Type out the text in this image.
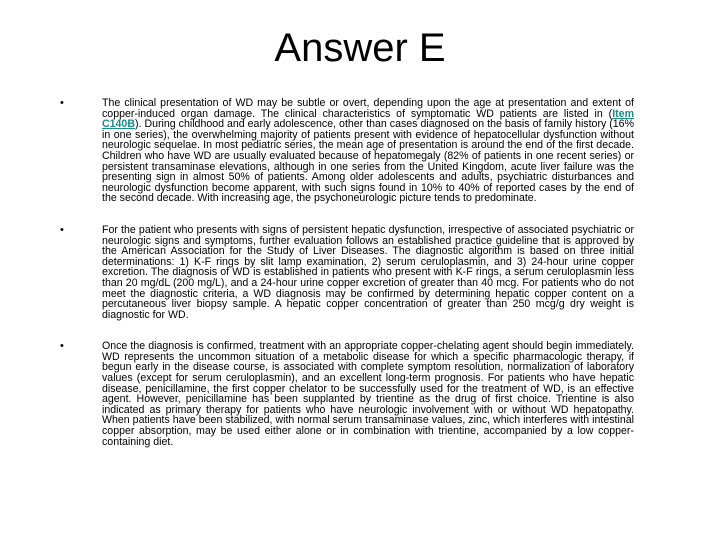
Answer E
•	The clinical presentation of WD may be subtle or overt, depending upon the age at presentation and extent of copper-induced organ damage. The clinical characteristics of symptomatic WD patients are listed in (Item C140B). During childhood and early adolescence, other than cases diagnosed on the basis of family history (16% in one series), the overwhelming majority of patients present with evidence of hepatocellular dysfunction without neurologic sequelae. In most pediatric series, the mean age of presentation is around the end of the first decade. Children who have WD are usually evaluated because of hepatomegaly (82% of patients in one recent series) or persistent transaminase elevations, although in one series from the United Kingdom, acute liver failure was the presenting sign in almost 50% of patients. Among older adolescents and adults, psychiatric disturbances and neurologic dysfunction become apparent, with such signs found in 10% to 40% of reported cases by the end of the second decade. With increasing age, the psychoneurologic picture tends to predominate.
•	For the patient who presents with signs of persistent hepatic dysfunction, irrespective of associated psychiatric or neurologic signs and symptoms, further evaluation follows an established practice guideline that is approved by the American Association for the Study of Liver Diseases. The diagnostic algorithm is based on three initial determinations: 1) K-F rings by slit lamp examination, 2) serum ceruloplasmin, and 3) 24-hour urine copper excretion. The diagnosis of WD is established in patients who present with K-F rings, a serum ceruloplasmin less than 20 mg/dL (200 mg/L), and a 24-hour urine copper excretion of greater than 40 mcg. For patients who do not meet the diagnostic criteria, a WD diagnosis may be confirmed by determining hepatic copper content on a percutaneous liver biopsy sample. A hepatic copper concentration of greater than 250 mcg/g dry weight is diagnostic for WD.
•	Once the diagnosis is confirmed, treatment with an appropriate copper-chelating agent should begin immediately. WD represents the uncommon situation of a metabolic disease for which a specific pharmacologic therapy, if begun early in the disease course, is associated with complete symptom resolution, normalization of laboratory values (except for serum ceruloplasmin), and an excellent long-term prognosis. For patients who have hepatic disease, penicillamine, the first copper chelator to be successfully used for the treatment of WD, is an effective agent. However, penicillamine has been supplanted by trientine as the drug of first choice. Trientine is also indicated as primary therapy for patients who have neurologic involvement with or without WD hepatopathy. When patients have been stabilized, with normal serum transaminase values, zinc, which interferes with intestinal copper absorption, may be used either alone or in combination with trientine, accompanied by a low copper-containing diet.
